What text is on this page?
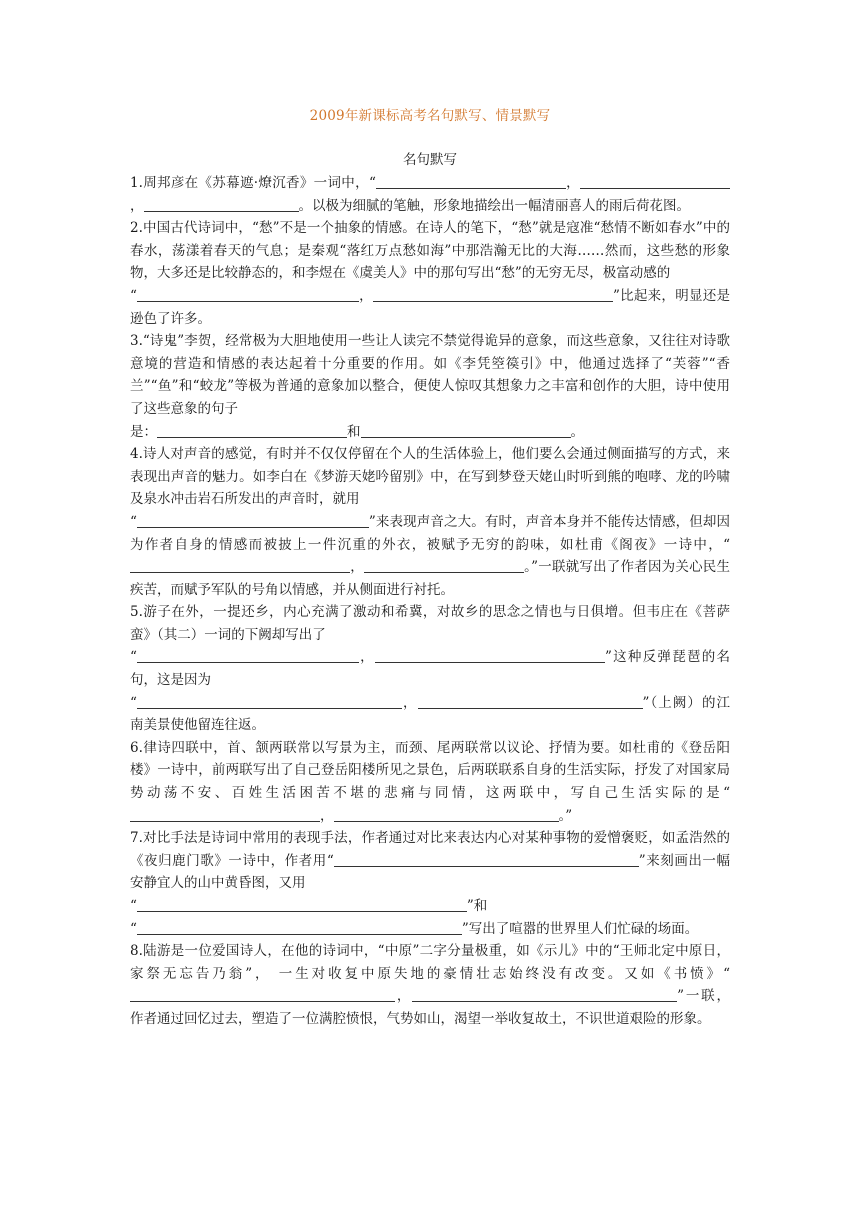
2009年新课标高考名句默写、情景默写
名句默写

1.周邦彦在《苏幕遮·燎沉香》一词中，“	，，	。以极为细腻的笔触，形象地描绘出一幅清丽喜人的雨后荷花图。

2.中国古代诗词中，“愁”不是一个抽象的情感。在诗人的笔下，“愁”就是寇准“愁情不断如春水”中的春水，荡漾着春天的气息；是秦观“落红万点愁如海”中那浩瀚无比的大海……然而，这些愁的形象物，大多还是比较静态的，和李煜在《虞美人》中的那句写出“愁”的无穷无尽，极富动感的
“	，	”比起来，明显还是逊色了许多。

3.“诗鬼”李贺，经常极为大胆地使用一些让人读完不禁觉得诡异的意象，而这些意象，又往往对诗歌意境的营造和情感的表达起着十分重要的作用。如《李凭箜篌引》中，他通过选择了“芙蓉”“香兰”“鱼”和“蛟龙”等极为普通的意象加以整合，便使人惊叹其想象力之丰富和创作的大胆，诗中使用了这些意象的句子
是：	和	。

4.诗人对声音的感觉，有时并不仅仅停留在个人的生活体验上，他们要么会通过侧面描写的方式，来表现出声音的魅力。如李白在《梦游天姥吟留别》中，在写到梦登天姥山时听到熊的咆哮、龙的吟啸及泉水冲击岩石所发出的声音时，就用
“	”来表现声音之大。有时，声音本身并不能传达情感，但却因为作者自身的情感而被披上一件沉重的外衣，被赋予无穷的韵味，如杜甫《阁夜》一诗中，“，	。”一联就写出了作者因为关心民生疾苦，而赋予军队的号角以情感，并从侧面进行衬托。

5.游子在外，一提还乡，内心充满了激动和希冀，对故乡的思念之情也与日俱增。但韦庄在《菩萨蛮》（其二）一词的下阙却写出了
“	，	”这种反弹琵琶的名句，这是因为
“	，	”（上阙）的江南美景使他留连往返。

6.律诗四联中，首、颔两联常以写景为主，而颈、尾两联常以议论、抒情为要。如杜甫的《登岳阳楼》一诗中，前两联写出了自己登岳阳楼所见之景色，后两联联系自身的生活实际，抒发了对国家局势动荡不安、百姓生活困苦不堪的悲痛与同情，这两联中，写自己生活实际的是“，	。”

7.对比手法是诗词中常用的表现手法，作者通过对比来表达内心对某种事物的爱憎褒贬，如孟浩然的《夜归鹿门歌》一诗中，作者用“	”来刻画出一幅安静宜人的山中黄昏图，又用
“	”和
“	”写出了喧嚣的世界里人们忙碌的场面。

8.陆游是一位爱国诗人，在他的诗词中，“中原”二字分量极重，如《示儿》中的“王师北定中原日，家祭无忘告乃翁”， 一生对收复中原失地的豪情壮志始终没有改变。又如《书愤》“，	”一联，作者通过回忆过去，塑造了一位满腔愤恨，气势如山，渴望一举收复故土，不识世道艰险的形象。
